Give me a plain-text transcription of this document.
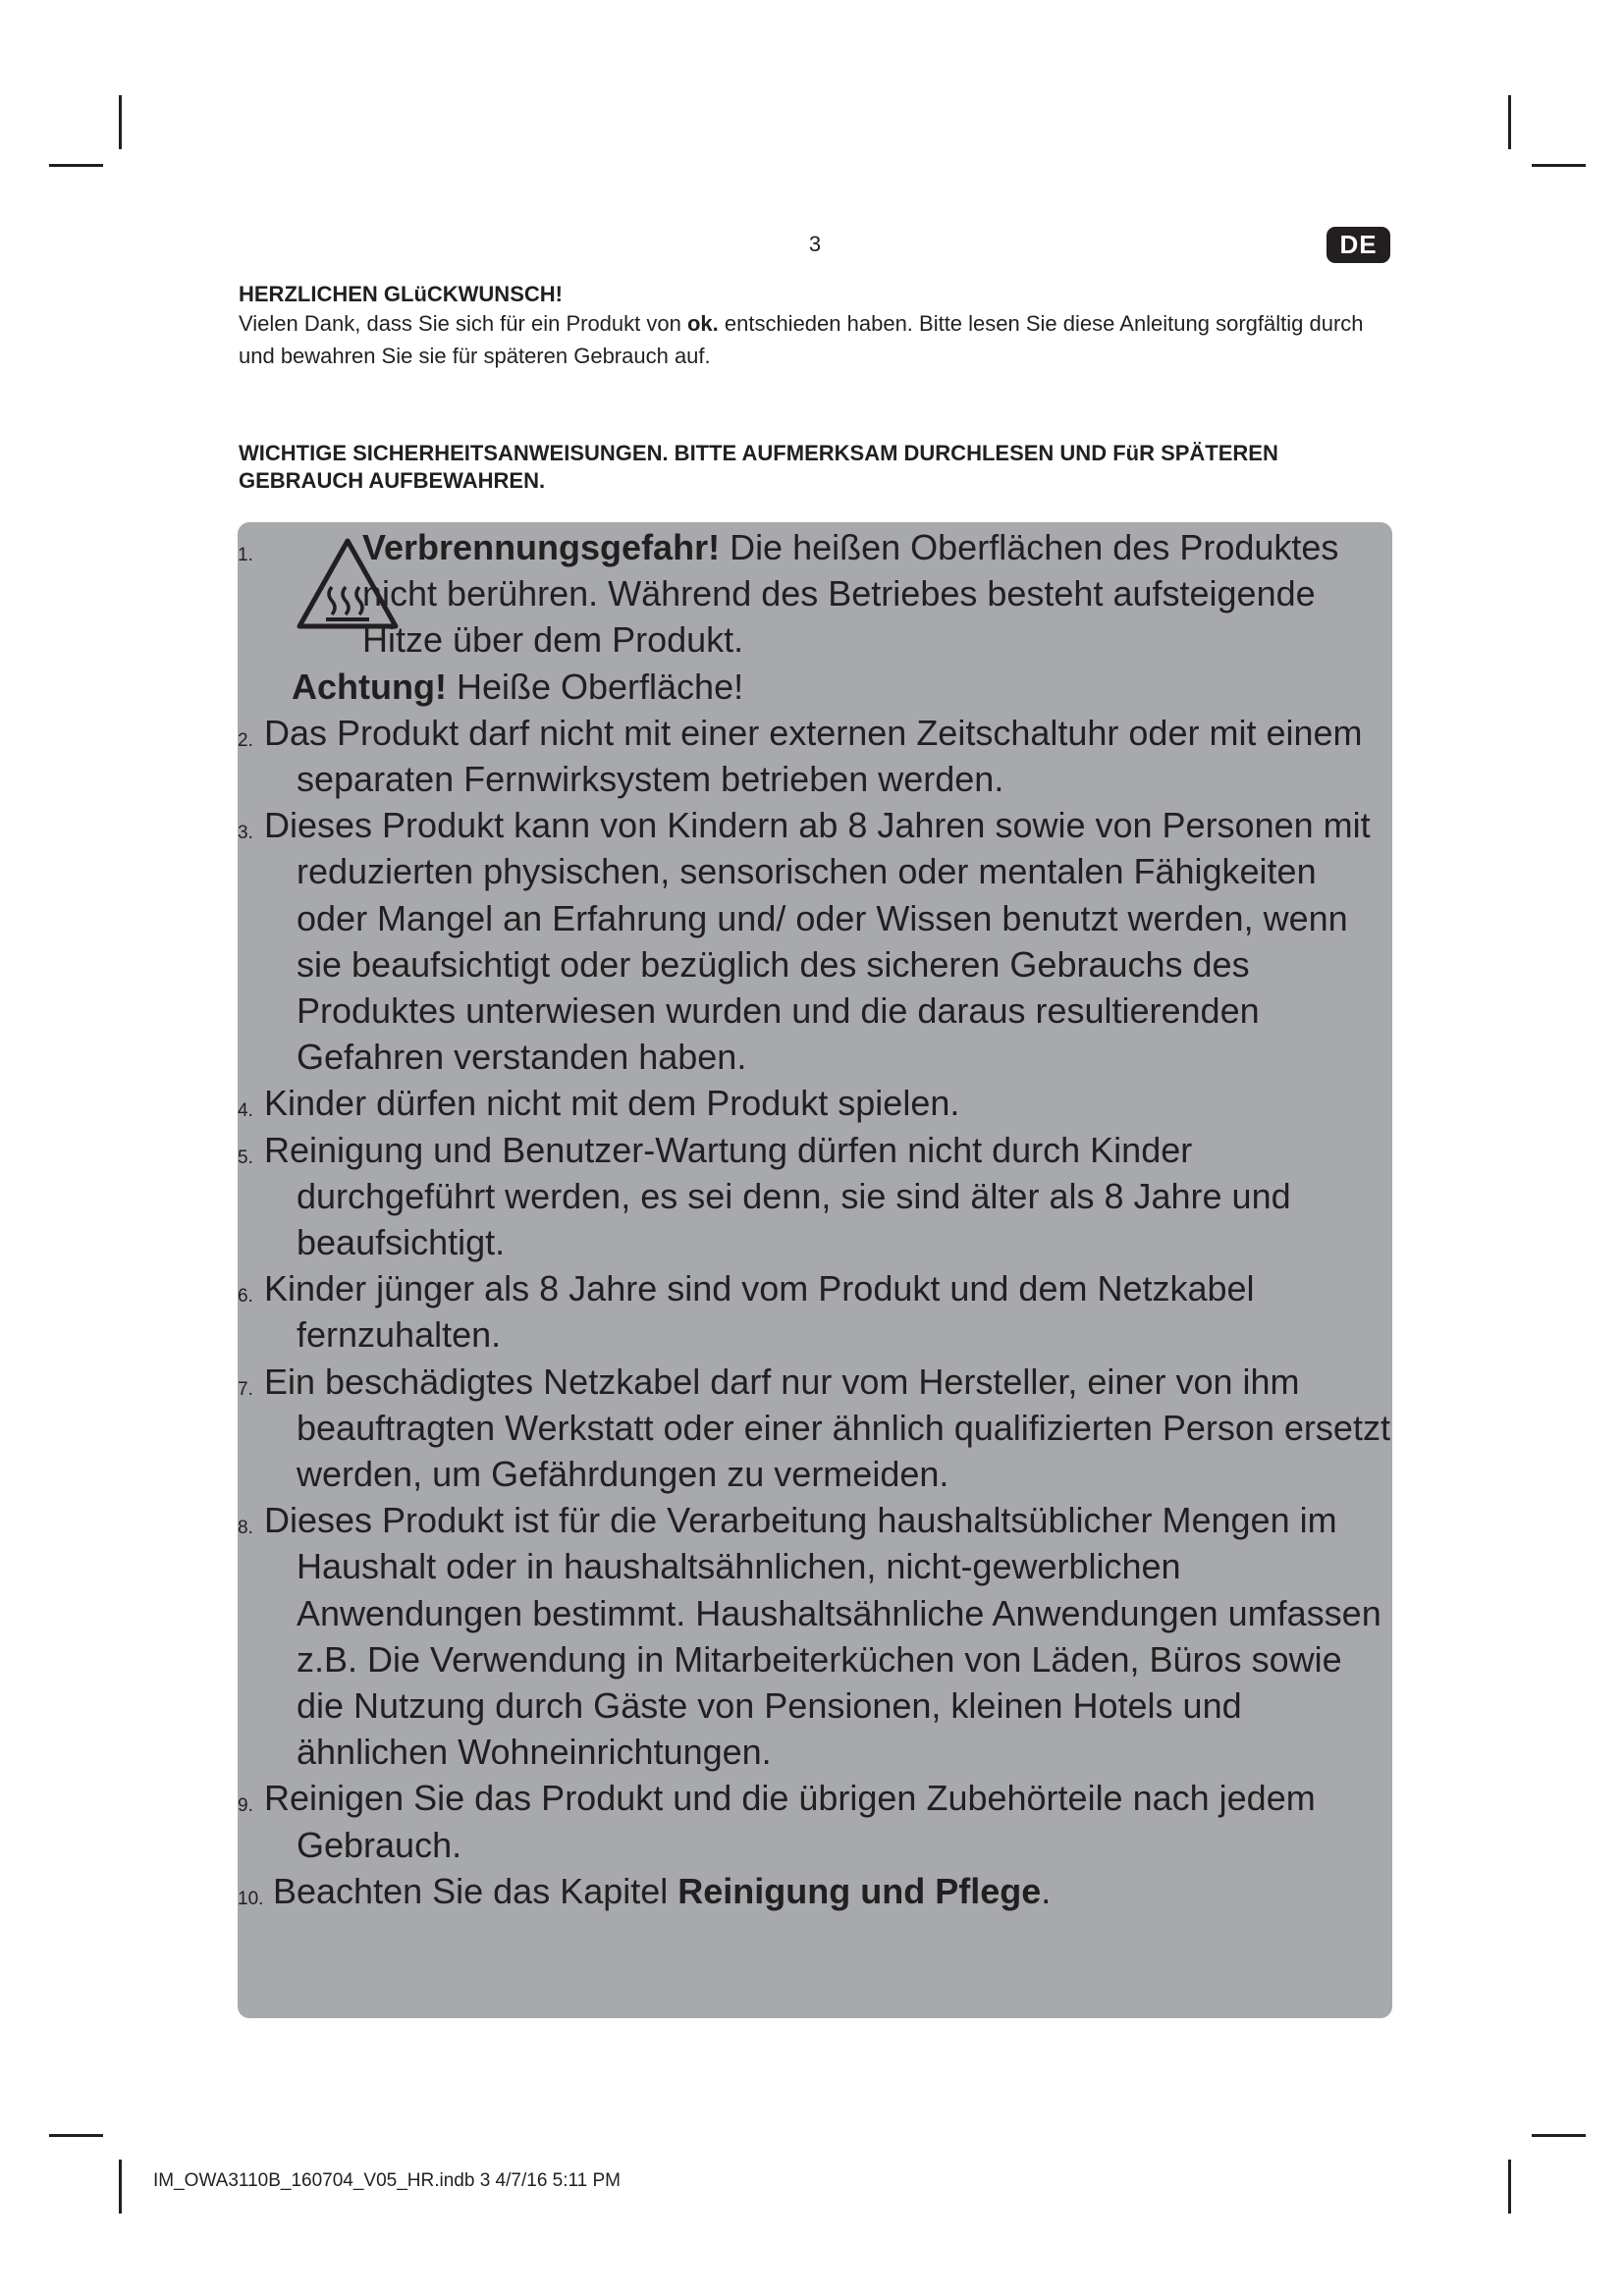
3	DE
HERZLICHEN GLüCKWUNSCH!
Vielen Dank, dass Sie sich für ein Produkt von ok. entschieden haben. Bitte lesen Sie diese Anleitung sorgfältig durch und bewahren Sie sie für späteren Gebrauch auf.
WICHTIGE SICHERHEITSANWEISUNGEN. BITTE AUFMERKSAM DURCHLESEN UND FüR SPÄTEREN GEBRAUCH AUFBEWAHREN.
1.	Verbrennungsgefahr! Die heißen Oberflächen des Produktes nicht berühren. Während des Betriebes besteht aufsteigende Hitze über dem Produkt.
Achtung! Heiße Oberfläche!
2. Das Produkt darf nicht mit einer externen Zeitschaltuhr oder mit einem separaten Fernwirksystem betrieben werden.
3. Dieses Produkt kann von Kindern ab 8 Jahren sowie von Personen mit reduzierten physischen, sensorischen oder mentalen Fähigkeiten oder Mangel an Erfahrung und/ oder Wissen benutzt werden, wenn sie beaufsichtigt oder bezüglich des sicheren Gebrauchs des Produktes unterwiesen wurden und die daraus resultierenden Gefahren verstanden haben.
4. Kinder dürfen nicht mit dem Produkt spielen.
5. Reinigung und Benutzer-Wartung dürfen nicht durch Kinder durchgeführt werden, es sei denn, sie sind älter als 8 Jahre und beaufsichtigt.
6. Kinder jünger als 8 Jahre sind vom Produkt und dem Netzkabel fernzuhalten.
7. Ein beschädigtes Netzkabel darf nur vom Hersteller, einer von ihm beauftragten Werkstatt oder einer ähnlich qualifizierten Person ersetzt werden, um Gefährdungen zu vermeiden.
8. Dieses Produkt ist für die Verarbeitung haushaltsüblicher Mengen im Haushalt oder in haushaltsähnlichen, nicht-gewerblichen Anwendungen bestimmt. Haushaltsähnliche Anwendungen umfassen z.B. Die Verwendung in Mitarbeiterküchen von Läden, Büros sowie die Nutzung durch Gäste von Pensionen, kleinen Hotels und ähnlichen Wohneinrichtungen.
9. Reinigen Sie das Produkt und die übrigen Zubehörteile nach jedem Gebrauch.
10. Beachten Sie das Kapitel Reinigung und Pflege.
IM_OWA3110B_160704_V05_HR.indb 3 4/7/16 5:11 PM
